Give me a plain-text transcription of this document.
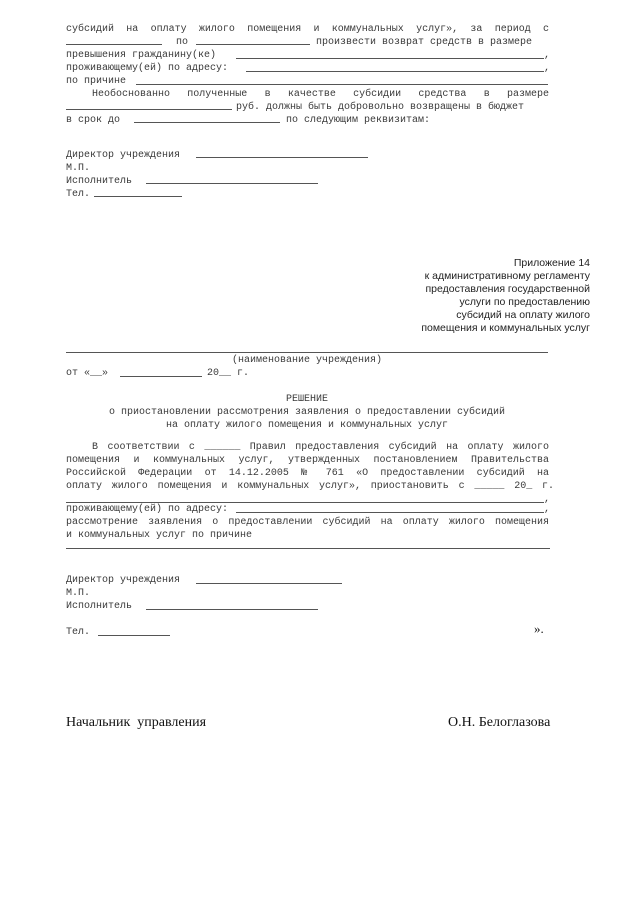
субсидий на оплату жилого помещения и коммунальных услуг», за период с
по	произвести возврат средств в размере
превышения гражданину(ке)	,
проживающему(ей) по адресу:	,
по причине
Необоснованно полученные в качестве субсидии средства в размере
руб. должны быть добровольно возвращены в бюджет
в срок до	по следующим реквизитам:
Директор учреждения
М.П.
Исполнитель
Тел.
Приложение 14
к административному регламенту
предоставления государственной
услуги по предоставлению
субсидий на оплату жилого
помещения и коммунальных услуг
(наименование учреждения)
от «__»	20__ г.
РЕШЕНИЕ
о приостановлении рассмотрения заявления о предоставлении субсидий
на оплату жилого помещения и коммунальных услуг
В соответствии с ______ Правил предоставления субсидий на оплату жилого
помещения и коммунальных услуг, утвержденных постановлением Правительства
Российской Федерации от 14.12.2005 № 761 «О предоставлении субсидий на
оплату жилого помещения и коммунальных услуг», приостановить с _____ 20_ г.
,
проживающему(ей) по адресу:	,
рассмотрение заявления о предоставлении субсидий на оплату жилого помещения
и коммунальных услуг по причине
Директор учреждения
М.П.
Исполнитель
Тел.	».
Начальник  управления	О.Н. Белоглазова
